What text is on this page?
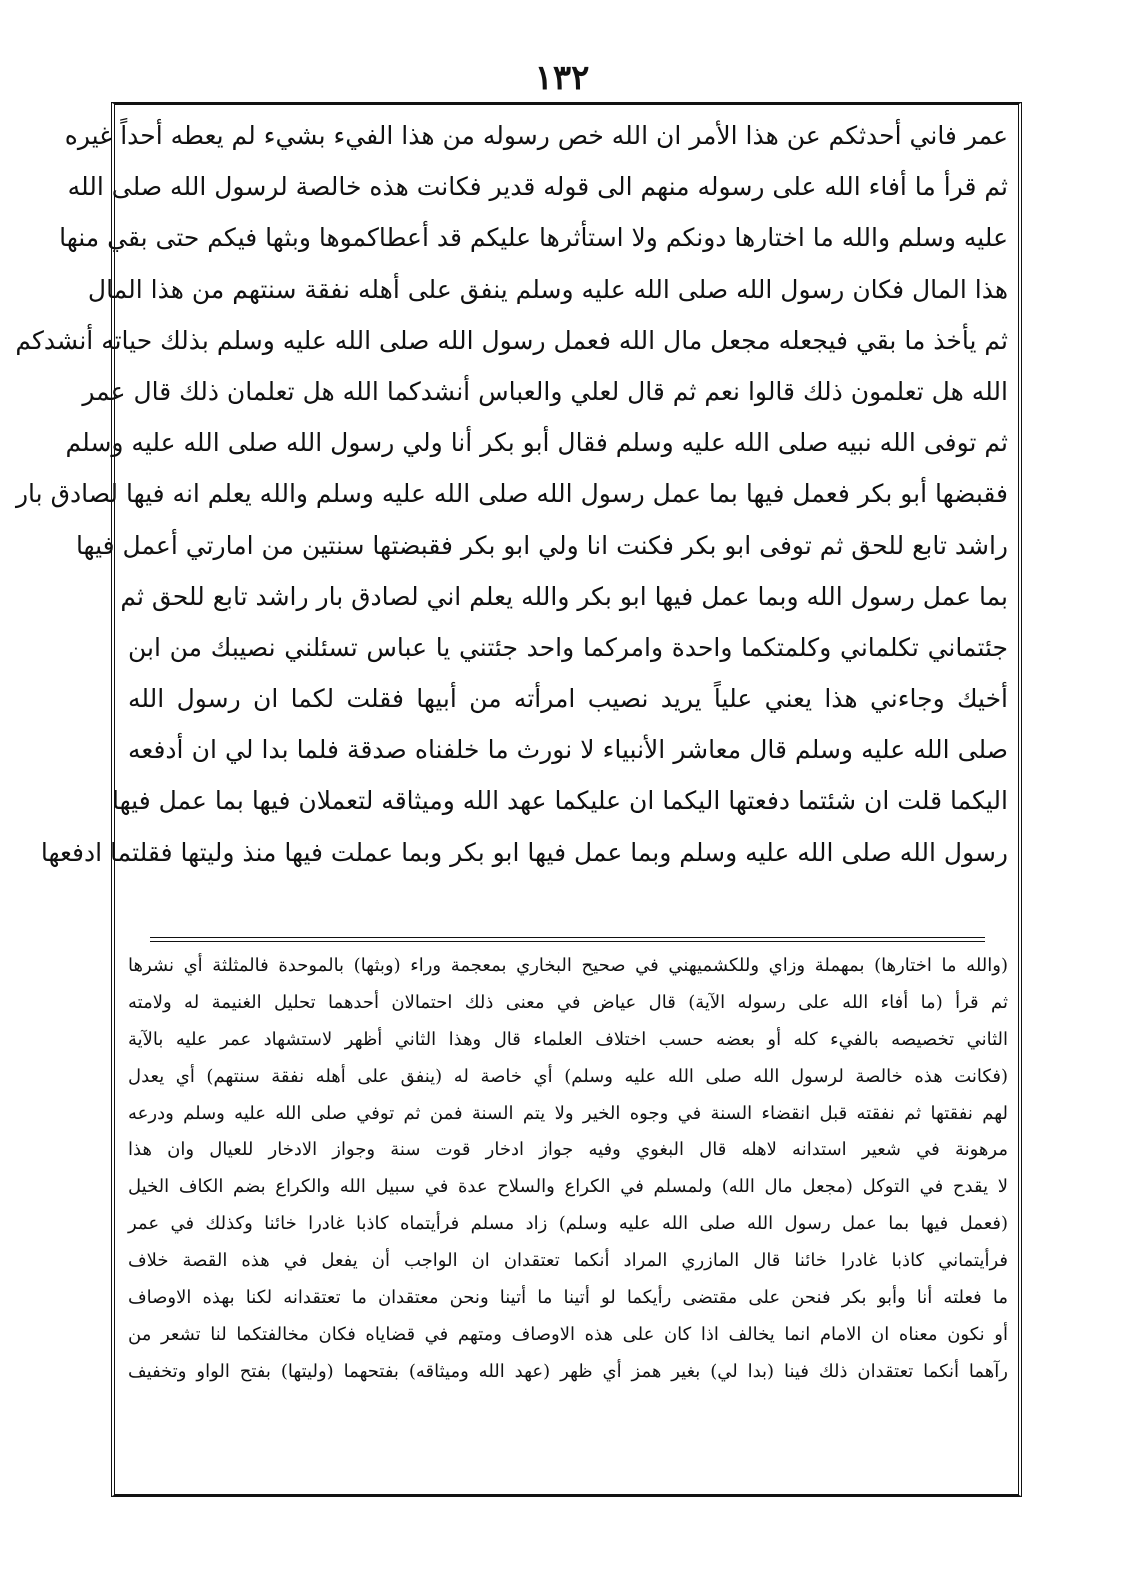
١٣٢
عمر فاني أحدثكم عن هذا الأمر ان الله خص رسوله من هذا الفيء بشيء لم يعطه أحداً غيره
ثم قرأ ما أفاء الله على رسوله منهم الى قوله قدير فكانت هذه خالصة لرسول الله صلى الله
عليه وسلم والله ما اختارها دونكم ولا استأثرها عليكم قد أعطاكموها وبثها فيكم حتى بقي منها
هذا المال فكان رسول الله صلى الله عليه وسلم ينفق على أهله نفقة سنتهم من هذا المال
ثم يأخذ ما بقي فيجعله مجعل مال الله فعمل رسول الله صلى الله عليه وسلم بذلك حياته أنشدكم
الله هل تعلمون ذلك قالوا نعم ثم قال لعلي والعباس أنشدكما الله هل تعلمان ذلك قال عمر
ثم توفى الله نبيه صلى الله عليه وسلم فقال أبو بكر أنا ولي رسول الله صلى الله عليه وسلم
فقبضها أبو بكر فعمل فيها بما عمل رسول الله صلى الله عليه وسلم والله يعلم انه فيها لصادق بار
راشد تابع للحق ثم توفى ابو بكر فكنت انا ولي ابو بكر فقبضتها سنتين من امارتي أعمل فيها
بما عمل رسول الله وبما عمل فيها ابو بكر والله يعلم اني لصادق بار راشد تابع للحق ثم
جئتماني تكلماني وكلمتكما واحدة وامركما واحد جئتني يا عباس تسئلني نصيبك من ابن
أخيك وجاءني هذا يعني علياً يريد نصيب امرأته من أبيها فقلت لكما ان رسول الله
صلى الله عليه وسلم قال معاشر الأنبياء لا نورث ما خلفناه صدقة فلما بدا لي ان أدفعه
اليكما قلت ان شئتما دفعتها اليكما ان عليكما عهد الله وميثاقه لتعملان فيها بما عمل فيها
رسول الله صلى الله عليه وسلم وبما عمل فيها ابو بكر وبما عملت فيها منذ وليتها فقلتما ادفعها
(والله ما اختارها) بمهملة وزاي وللكشميهني في صحيح البخاري بمعجمة وراء (وبثها) بالموحدة فالمثلثة أي نشرها
ثم قرأ (ما أفاء الله على رسوله الآية) قال عياض في معنى ذلك احتمالان أحدهما تحليل الغنيمة له ولامته
الثاني تخصيصه بالفيء كله أو بعضه حسب اختلاف العلماء قال وهذا الثاني أظهر لاستشهاد عمر عليه بالآية
(فكانت هذه خالصة لرسول الله صلى الله عليه وسلم) أي خاصة له (ينفق على أهله نفقة سنتهم) أي يعدل
لهم نفقتها ثم نفقته قبل انقضاء السنة في وجوه الخير ولا يتم السنة فمن ثم توفي صلى الله عليه وسلم ودرعه
مرهونة في شعير استدانه لاهله قال البغوي وفيه جواز ادخار قوت سنة وجواز الادخار للعيال وان هذا
لا يقدح في التوكل (مجعل مال الله) ولمسلم في الكراع والسلاح عدة في سبيل الله والكراع بضم الكاف الخيل
(فعمل فيها بما عمل رسول الله صلى الله عليه وسلم) زاد مسلم فرأيتماه كاذبا غادرا خائنا وكذلك في عمر
فرأيتماني كاذبا غادرا خائنا قال المازري المراد أنكما تعتقدان ان الواجب أن يفعل في هذه القصة خلاف
ما فعلته أنا وأبو بكر فنحن على مقتضى رأيكما لو أتينا ما أتينا ونحن معتقدان ما تعتقدانه لكنا بهذه الاوصاف
أو نكون معناه ان الامام انما يخالف اذا كان على هذه الاوصاف ومتهم في قضاياه فكان مخالفتكما لنا تشعر من
رآهما أنكما تعتقدان ذلك فينا (بدا لي) بغير همز أي ظهر (عهد الله وميثاقه) بفتحهما (وليتها) بفتح الواو وتخفيف
